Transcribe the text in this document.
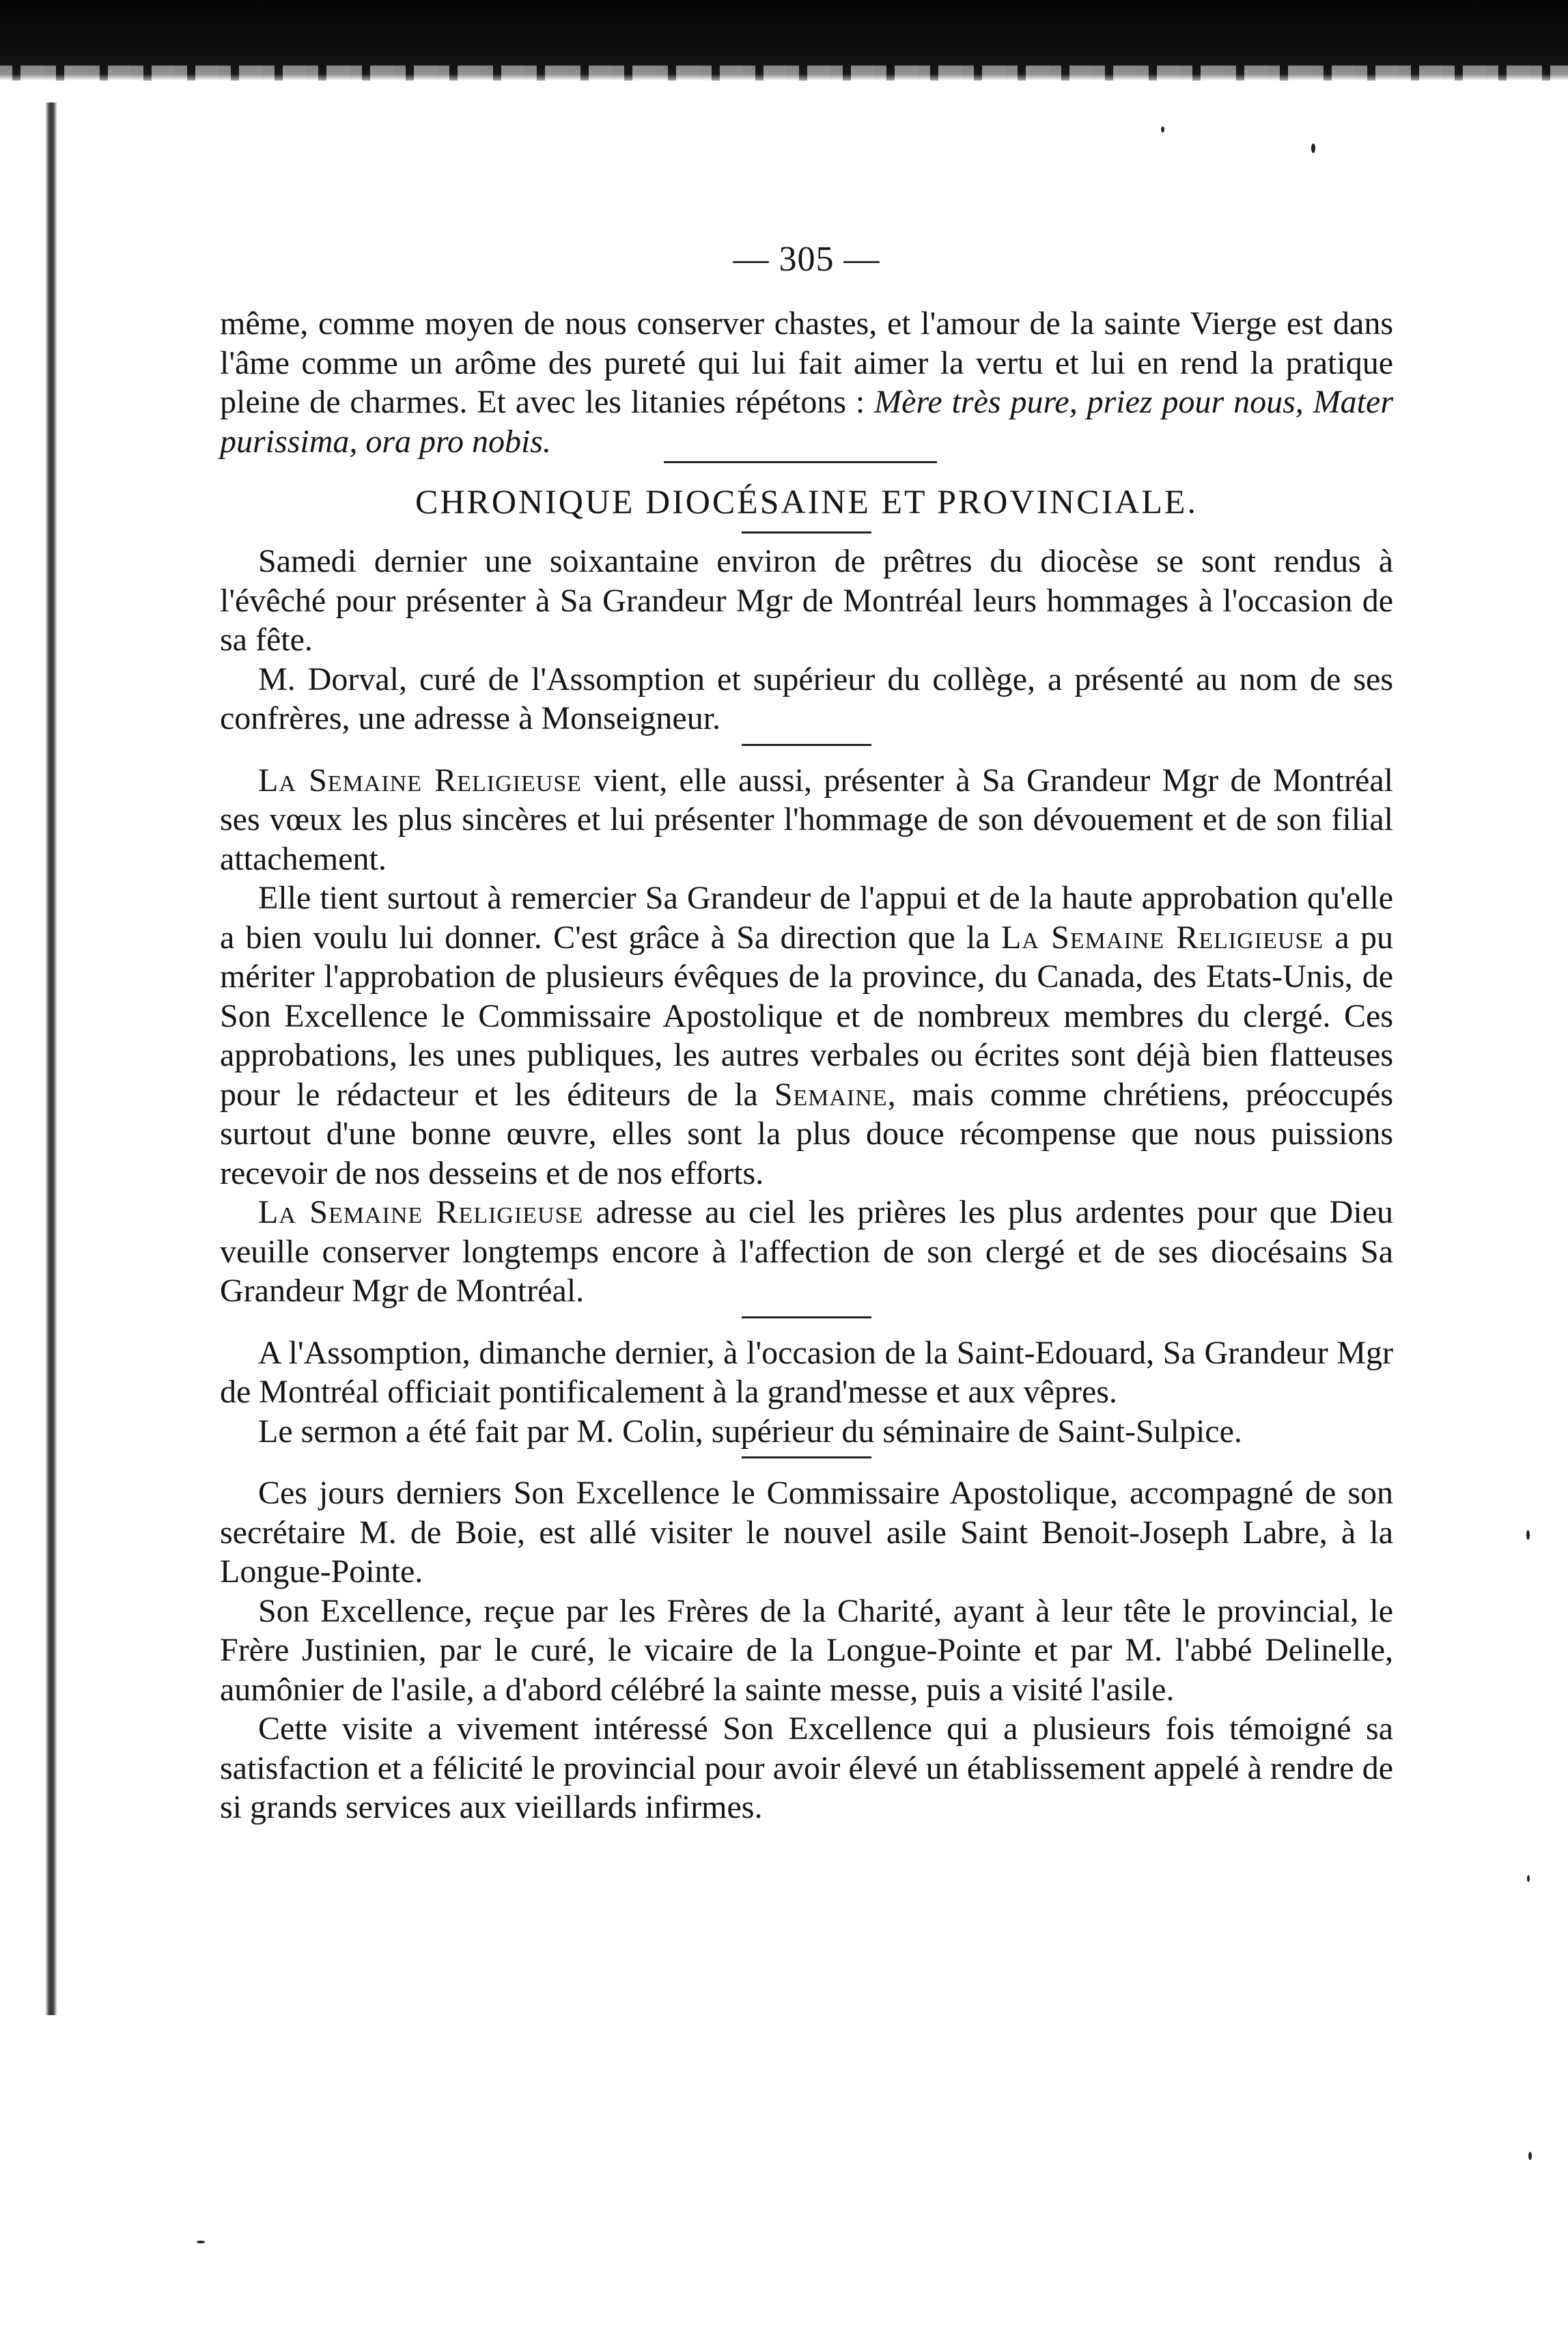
— 305 —

même, comme moyen de nous conserver chastes, et l'amour de la sainte Vierge est dans l'âme comme un arôme des pureté qui lui fait aimer la vertu et lui en rend la pratique pleine de charmes. Et avec les litanies répétons : Mère très pure, priez pour nous, Mater purissima, ora pro nobis.

CHRONIQUE DIOCÉSAINE ET PROVINCIALE.

Samedi dernier une soixantaine environ de prêtres du diocèse se sont rendus à l'évêché pour présenter à Sa Grandeur Mgr de Montréal leurs hommages à l'occasion de sa fête.

M. Dorval, curé de l'Assomption et supérieur du collège, a présenté au nom de ses confrères, une adresse à Monseigneur.

La Semaine Religieuse vient, elle aussi, présenter à Sa Grandeur Mgr de Montréal ses vœux les plus sincères et lui présenter l'hommage de son dévouement et de son filial attachement.

Elle tient surtout à remercier Sa Grandeur de l'appui et de la haute approbation qu'elle a bien voulu lui donner. C'est grâce à Sa direction que la La Semaine Religieuse a pu mériter l'approbation de plusieurs évêques de la province, du Canada, des Etats-Unis, de Son Excellence le Commissaire Apostolique et de nombreux membres du clergé. Ces approbations, les unes publiques, les autres verbales ou écrites sont déjà bien flatteuses pour le rédacteur et les éditeurs de la Semaine, mais comme chrétiens, préoccupés surtout d'une bonne œuvre, elles sont la plus douce récompense que nous puissions recevoir de nos desseins et de nos efforts.

La Semaine Religieuse adresse au ciel les prières les plus ardentes pour que Dieu veuille conserver longtemps encore à l'affection de son clergé et de ses diocésains Sa Grandeur Mgr de Montréal.

A l'Assomption, dimanche dernier, à l'occasion de la Saint-Edouard, Sa Grandeur Mgr de Montréal officiait pontificalement à la grand'messe et aux vêpres.

Le sermon a été fait par M. Colin, supérieur du séminaire de Saint-Sulpice.

Ces jours derniers Son Excellence le Commissaire Apostolique, accompagné de son secrétaire M. de Boie, est allé visiter le nouvel asile Saint Benoit-Joseph Labre, à la Longue-Pointe.

Son Excellence, reçue par les Frères de la Charité, ayant à leur tête le provincial, le Frère Justinien, par le curé, le vicaire de la Longue-Pointe et par M. l'abbé Delinelle, aumônier de l'asile, a d'abord célébré la sainte messe, puis a visité l'asile.

Cette visite a vivement intéressé Son Excellence qui a plusieurs fois témoigné sa satisfaction et a félicité le provincial pour avoir élevé un établissement appelé à rendre de si grands services aux vieillards infirmes.
